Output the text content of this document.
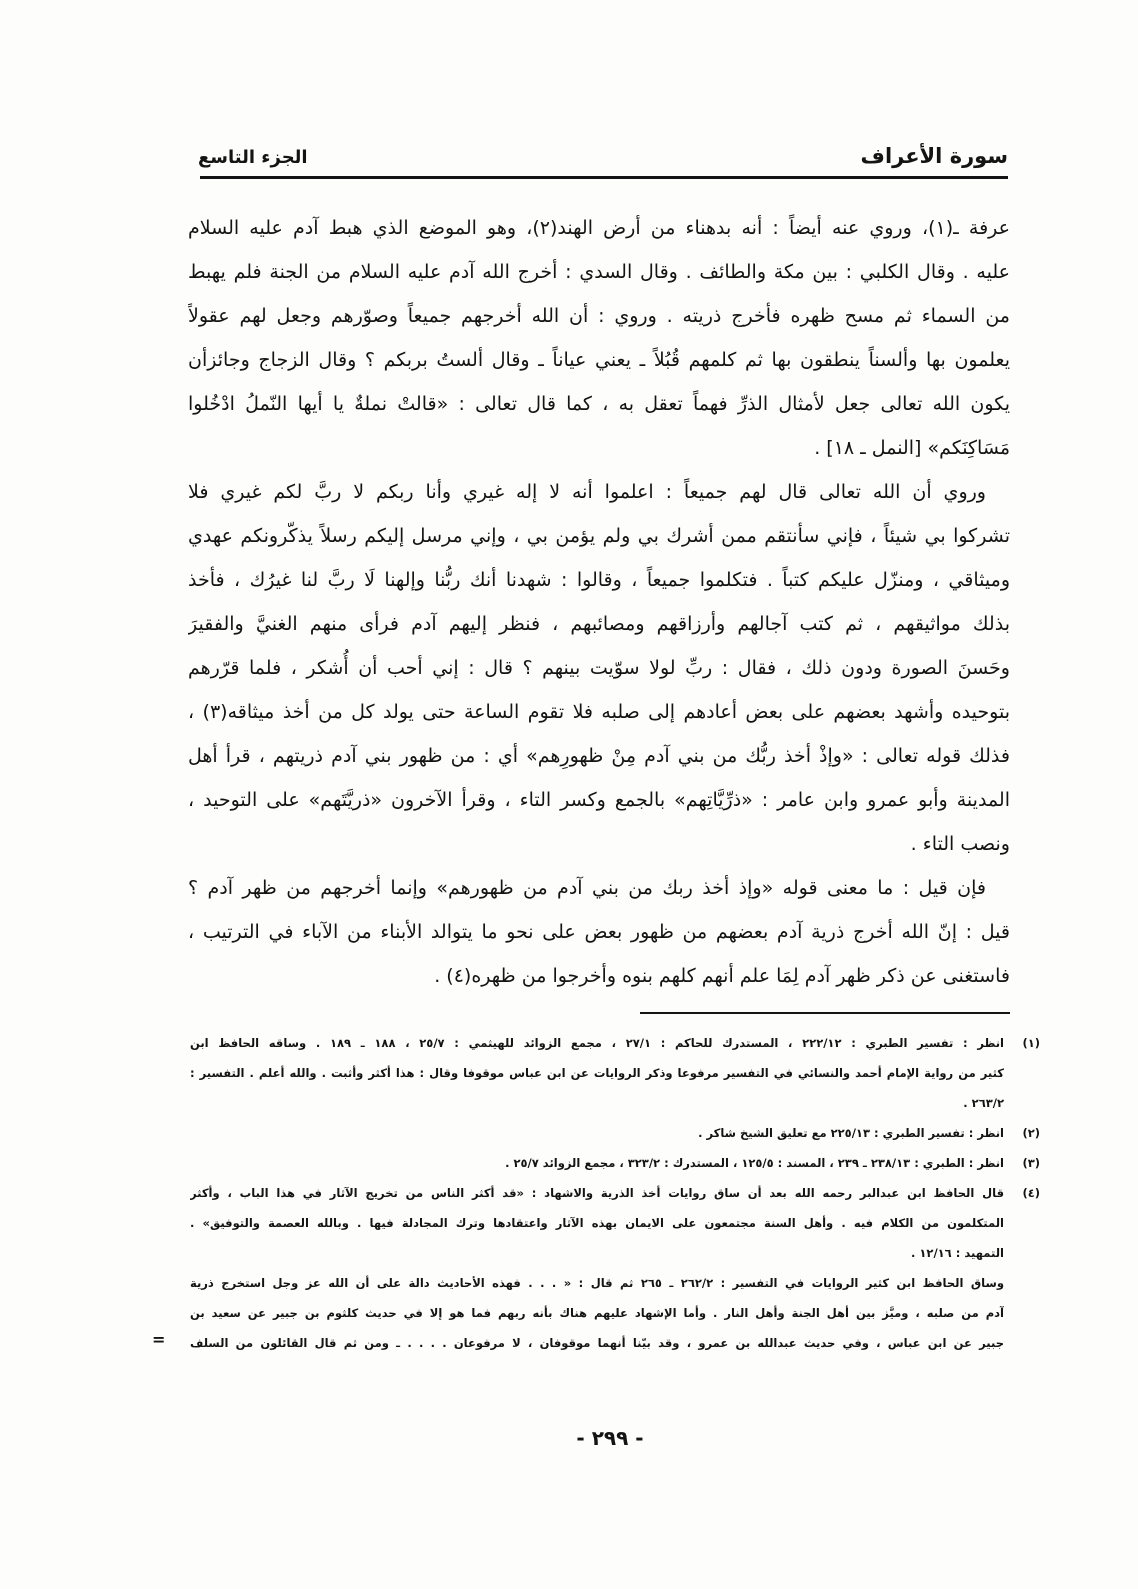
سورة الأعراف
الجزء التاسع
عرفة ـ(١)، وروي عنه أيضاً : أنه بدهناء من أرض الهند(٢)، وهو الموضع الذي هبط آدم عليه السلام
عليه . وقال الكلبي : بين مكة والطائف . وقال السدي : أخرج الله آدم عليه السلام من الجنة فلم يهبط
من السماء ثم مسح ظهره فأخرج ذريته . وروي : أن الله أخرجهم جميعاً وصوّرهم وجعل لهم عقولاً
يعلمون بها وألسناً ينطقون بها ثم كلمهم قُبُلاً ـ يعني عياناً ـ وقال ألستُ بربكم ؟ وقال الزجاج وجائزأن
يكون الله تعالى جعل لأمثال الذرِّ فهماً تعقل به ، كما قال تعالى : «قالتْ نملةٌ يا أيها النّملُ ادْخُلوا
مَسَاكِنَكم» [النمل ـ ١٨] .
وروي أن الله تعالى قال لهم جميعاً : اعلموا أنه لا إله غيري وأنا ربكم لا ربَّ لكم غيري فلا
تشركوا بي شيئاً ، فإني سأنتقم ممن أشرك بي ولم يؤمن بي ، وإني مرسل إليكم رسلاً يذكّرونكم عهدي
وميثاقي ، ومنزّل عليكم كتباً . فتكلموا جميعاً ، وقالوا : شهدنا أنك ربُّنا وإلهنا لَا ربَّ لنا غيرُك ، فأخذ
بذلك مواثيقهم ، ثم كتب آجالهم وأرزاقهم ومصائبهم ، فنظر إليهم آدم فرأى منهم الغنيَّ والفقيرَ
وحَسنَ الصورة ودون ذلك ، فقال : ربِّ لولا سوّيت بينهم ؟ قال : إني أحب أن أُشكر ، فلما قرّرهم
بتوحيده وأشهد بعضهم على بعض أعادهم إلى صلبه فلا تقوم الساعة حتى يولد كل من أخذ ميثاقه(٣) ،
فذلك قوله تعالى : «وإذْ أخذ ربُّك من بني آدم مِنْ ظهورِهم» أي : من ظهور بني آدم ذريتهم ، قرأ أهل
المدينة وأبو عمرو وابن عامر : «ذرِّيَّاتِهم» بالجمع وكسر التاء ، وقرأ الآخرون «ذريَّتَهم» على التوحيد ،
ونصب التاء .
فإن قيل : ما معنى قوله «وإذ أخذ ربك من بني آدم من ظهورهم» وإنما أخرجهم من ظهر آدم ؟
قيل : إنّ الله أخرج ذرية آدم بعضهم من ظهور بعض على نحو ما يتوالد الأبناء من الآباء في الترتيب ،
فاستغنى عن ذكر ظهر آدم لِمَا علم أنهم كلهم بنوه وأخرجوا من ظهره(٤) .
(١)
انظر : تفسير الطبري : ٢٢٢/١٢ ، المستدرك للحاكم : ٢٧/١ ، مجمع الزوائد للهيثمي : ٢٥/٧ ، ١٨٨ ـ ١٨٩ . وساقه الحافظ ابن
كثير من رواية الإمام أحمد والنسائي في التفسير مرفوعا وذكر الروايات عن ابن عباس موقوفا وقال : هذا أكثر وأثبت . والله أعلم . التفسير :
٢٦٣/٢ .
(٢)
انظر : تفسير الطبري : ٢٢٥/١٣ مع تعليق الشيخ شاكر .
(٣)
انظر : الطبري : ٢٣٨/١٣ ـ ٢٣٩ ، المسند : ١٢٥/٥ ، المستدرك : ٣٢٣/٢ ، مجمع الزوائد ٢٥/٧ .
(٤)
قال الحافظ ابن عبدالبر رحمه الله بعد أن ساق روايات أخذ الذرية والاشهاد : «قد أكثر الناس من تخريج الآثار في هذا الباب ، وأكثر
المتكلمون من الكلام فيه . وأهل السنة مجتمعون على الايمان بهذه الآثار واعتقادها وترك المجادلة فيها . وبالله العصمة والتوفيق» .
التمهيد : ١٢/١٦ .
وساق الحافظ ابن كثير الروايات في التفسير : ٢٦٢/٢ ـ ٢٦٥ ثم قال : « . . . فهذه الأحاديث دالة على أن الله عز وجل استخرج ذرية
آدم من صلبه ، وميَّز بين أهل الجنة وأهل النار . وأما الإشهاد عليهم هناك بأنه ربهم فما هو إلا في حديث كلثوم بن جبير عن سعيد بن
جبير عن ابن عباس ، وفي حديث عبدالله بن عمرو ، وقد بيّنا أنهما موقوفان ، لا مرفوعان . . . . ـ ومن ثم قال القائلون من السلف
=
- ٢٩٩ -
